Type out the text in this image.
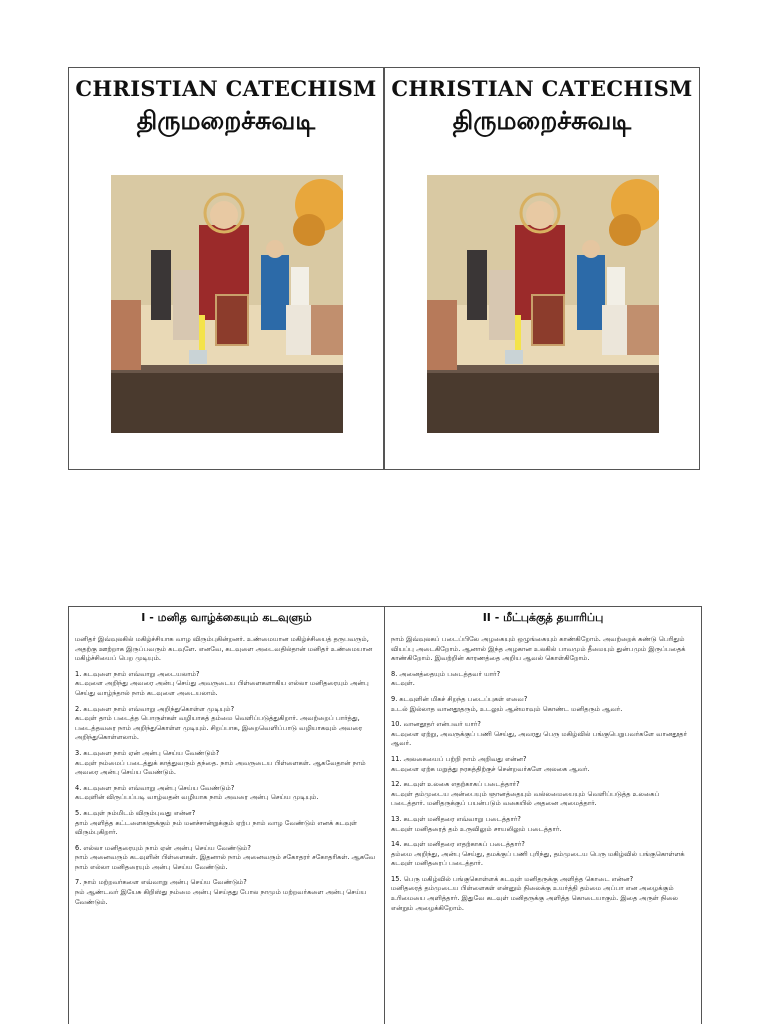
CHRISTIAN CATECHISM
திருமறைச்சுவடி
CHRISTIAN CATECHISM
திருமறைச்சுவடி
I - மனித வாழ்க்கையும் கடவுளும்
மனிதர் இவ்வுலகில் மகிழ்ச்சியாக வாழ விரும்புகின்றனர். உண்மையான மகிழ்ச்சியைத் தருபவரும், அதற்கு ஊற்றாக இருப்பவரும் கடவுளே. எனவே, கடவுளை அடைவதில்தான் மனிதர் உண்மையான மகிழ்ச்சியைப் பெற முடியும்.
1. கடவுளை நாம் எவ்வாறு அடையலாம்?
கடவுளை அறிந்து அவரை அன்பு செய்து அவருடைய பிள்ளைகளாகிய எல்லா மனிதரையும் அன்பு செய்து வாழ்ந்தால் நாம் கடவுளை அடையலாம்.
2. கடவுளை நாம் எவ்வாறு அறிந்துகொள்ள முடியும்?
கடவுள் தாம் படைத்த பொருள்கள் வழியாகத் தம்மை வெளிப்படுத்துகிறார். அவற்றைப் பார்த்து, படைத்தவரை நாம் அறிந்துகொள்ள முடியும். சிறப்பாக, இறைவெளிப்பாடு வழியாகவும் அவரை அறிந்துகொள்ளலாம்.
3. கடவுளை நாம் ஏன் அன்பு செய்ய வேண்டும்?
கடவுள் நம்மைப் படைத்துக் காத்துவரும் தந்தை. நாம் அவருடைய பிள்ளைகள். ஆகவேதான் நாம் அவரை அன்பு செய்ய வேண்டும்.
4. கடவுளை நாம் எவ்வாறு அன்பு செய்ய வேண்டும்?
கடவுளின் விருப்பப்படி வாழ்வதன் வழியாக நாம் அவரை அன்பு செய்ய முடியும்.
5. கடவுள் நம்மிடம் விரும்புவது என்ன?
தாம் அளித்த கட்டளைகளுக்கும் நம் மனச்சான்றுக்கும் ஏற்ப நாம் வாழ வேண்டும் எனக் கடவுள் விரும்புகிறார்.
6. எல்லா மனிதரையும் நாம் ஏன் அன்பு செய்ய வேண்டும்?
நாம் அனைவரும் கடவுளின் பிள்ளைகள். இதனால் நாம் அனைவரும் சகோதரர் சகோதரிகள். ஆகவே நாம் எல்லா மனிதரையும் அன்பு செய்ய வேண்டும்.
7. நாம் மற்றவர்களை எவ்வாறு அன்பு செய்ய வேண்டும்?
நம் ஆண்டவர் இயேசு கிறிஸ்து நம்மை அன்பு செய்தது போல நாமும் மற்றவர்களை அன்பு செய்ய வேண்டும்.
II - மீட்புக்குத் தயாரிப்பு
நாம் இவ்வுலகப் படைப்பிலே அழகையும் ஒழுங்கையும் காண்கிறோம். அவற்றைக் கண்டு பெரிதும் வியப்பு அடைகிறோம். ஆனால் இந்த அழகான உலகில் பாவமும் தீமையும் துன்பமும் இருப்பதைக் காண்கிறோம். இவற்றின் காரணத்தை அறிய ஆவல் கொள்கிறோம்.
8. அனைத்தையும் படைத்தவர் யார்?
கடவுள்.
9. கடவுளின் மிகச் சிறந்த படைப்புகள் எவை?
உடல் இல்லாத வானதூதரும், உடலும் ஆன்மாவும் கொண்ட மனிதரும் ஆவர்.
10. வானதூதர் என்பவர் யார்?
கடவுளை ஏற்று, அவருக்குப் பணி செய்து, அவரது பெரு மகிழ்வில் பங்குபெறுபவர்களே வானதூதர் ஆவர்.
11. அலகையைப் பற்றி நாம் அறிவது என்ன?
கடவுளை ஏற்க மறுத்து நரகத்திற்குச் சென்றவர்களே அலகை ஆவர்.
12. கடவுள் உலகை எதற்காகப் படைத்தார்?
கடவுள் தம்முடைய அன்பையும் ஞானத்தையும் வல்லமையையும் வெளிப்படுத்த உலகைப் படைத்தார். மனிதருக்குப் பயன்படும் வகையில் அதனை அமைத்தார்.
13. கடவுள் மனிதரை எவ்வாறு படைத்தார்?
கடவுள் மனிதரைத் தம் உருவிலும் சாயலிலும் படைத்தார்.
14. கடவுள் மனிதரை எதற்காகப் படைத்தார்?
தம்மை அறிந்து, அன்பு செய்து, தமக்குப் பணி புரிந்து, தம்முடைய பெரு மகிழ்வில் பங்குகொள்ளக் கடவுள் மனிதரைப் படைத்தார்.
15. பெரு மகிழ்வில் பங்குகொள்ளக் கடவுள் மனிதருக்கு அளித்த கொடை என்ன?
மனிதரைத் தம்முடைய பிள்ளைகள் என்னும் நிலைக்கு உயர்த்தி தம்மை அப்பா என அழைக்கும் உரிமையை அளித்தார். இதுவே கடவுள் மனிதருக்கு அளித்த கொடையாகும். இதை அருள் நிலை என்றும் அழைக்கிறோம்.
